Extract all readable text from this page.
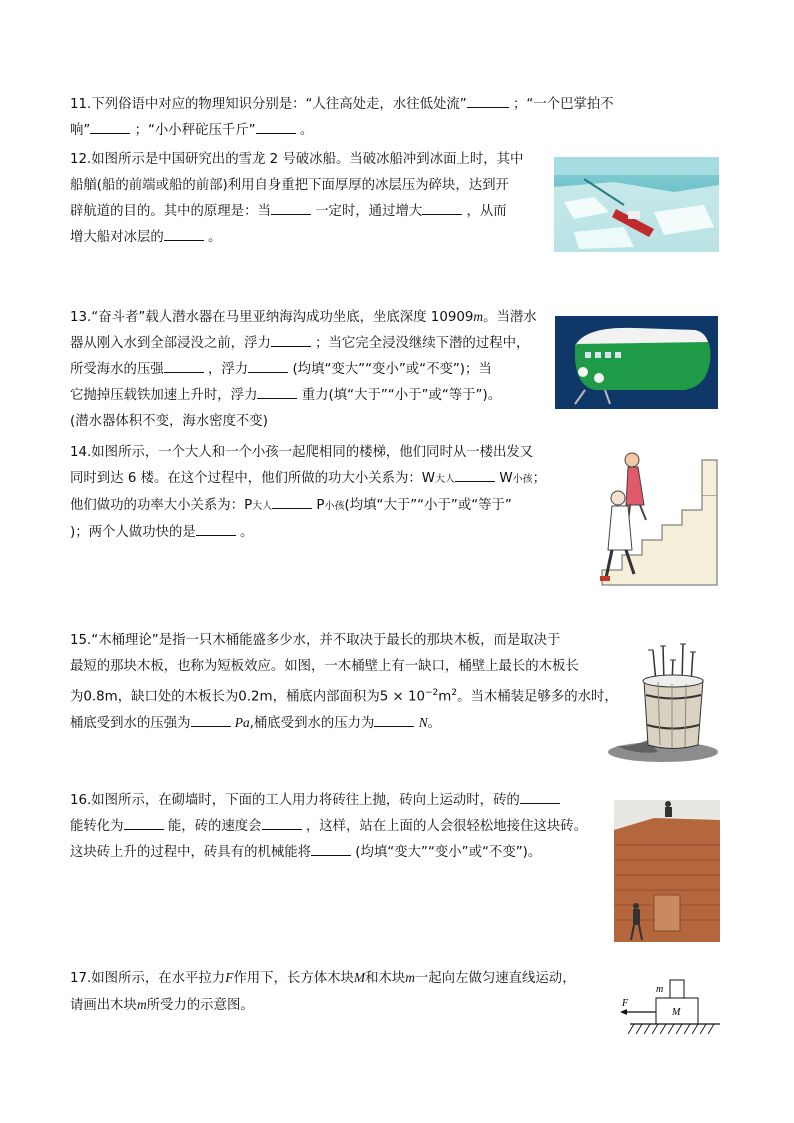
11.下列俗语中对应的物理知识分别是：“人往高处走，水往低处流”	；“一个巴掌拍不

响”	；“小小秤砣压千斤”	。

12.如图所示是中国研究出的雪龙 2 号破冰船。当破冰船冲到冰面上时，其中

船艏(船的前端或船的前部)利用自身重把下面厚厚的冰层压为碎块，达到开

辟航道的目的。其中的原理是：当	一定时，通过增大	，从而

增大船对冰层的	。

13.“奋斗者”载人潜水器在马里亚纳海沟成功坐底，坐底深度 10909m。当潜水

器从刚入水到全部浸没之前，浮力	；当它完全浸没继续下潜的过程中，

所受海水的压强	，浮力	(均填“变大”“变小”或“不变”)；当

它抛掉压载铁加速上升时，浮力	重力(填“大于”“小于”或“等于”)。

(潜水器体积不变，海水密度不变)

14.如图所示，一个大人和一个小孩一起爬相同的楼梯，他们同时从一楼出发又

同时到达 6 楼。在这个过程中，他们所做的功大小关系为：W大人	W小孩；

他们做功的功率大小关系为：P大人	P小孩(均填“大于”“小于”或“等于”

)；两个人做功快的是	。

15.“木桶理论”是指一只木桶能盛多少水，并不取决于最长的那块木板，而是取决于

最短的那块木板，也称为短板效应。如图，一木桶壁上有一缺口，桶壁上最长的木板长

为0.8m，缺口处的木板长为0.2m，桶底内部面积为$5 \times 10^{-2}m^2$。当木桶装足够多的水时，

桶底受到水的压强为	Pa,桶底受到水的压力为	N。

16.如图所示，在砌墙时，下面的工人用力将砖往上抛，砖向上运动时，砖的

能转化为	能，砖的速度会	，这样，站在上面的人会很轻松地接住这块砖。

这块砖上升的过程中，砖具有的机械能将	(均填“变大”“变小”或“不变”)。

17.如图所示，在水平拉力F作用下，长方体木块M和木块m一起向左做匀速直线运动，

请画出木块m所受力的示意图。	F
m
M
